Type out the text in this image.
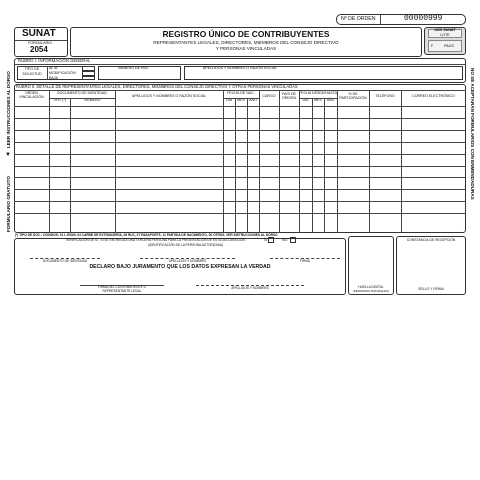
Nº DE ORDEN	00000999
SUNAT
FORMULARIO
2054
REGISTRO ÚNICO DE CONTRIBUYENTES
REPRESENTANTES LEGALES, DIRECTORES, MIEMBROS DEL CONSEJO DIRECTIVO
Y PERSONAS VINCULADAS
USO SUNAT
LOTE
F	PAGS
FORMULARIO GRATUITO
▼
LEER INSTRUCCIONES AL DORSO	NO SE ACEPTARÁN FORMULARIOS CON ENMENDADURAS
RUBRO I. INFORMACIÓN GENERAL
TIPO DE
SOLICITUD
ALTA
MODIFICACIÓN
BAJA
NÚMERO DE RUC	APELLIDOS Y NOMBRES O RAZÓN SOCIAL
RUBRO II. DETALLE DE REPRESENTANTES LEGALES, DIRECTORES, MIEMBROS DEL CONSEJO DIRECTIVO Y OTRAS PERSONAS VINCULADAS
ORDEN VINCULACIÓN
DOCUMENTO DE IDENTIDAD
TIPO (*)	NÚMERO
APELLIDOS Y NOMBRES O RAZÓN SOCIAL
FECHA DE NAC.
DÍA	MES	AÑO
CARGO	PAÍS DE ORIGEN
FECHA DESDE/HASTA
DÍA	MES	AÑO
% DE PARTICIPACIÓN
TELÉFONO	CORREO ELECTRÓNICO
(*) TIPO DE DOC.: CÓDIGOS: 01 L.E/DNI, 04 CARNÉ DE EXTRANJERÍA, 06 RUC, 07 PASAPORTE, 11 PARTIDA DE NACIMIENTO, 00 OTROS. VER INSTRUCCIONES AL DORSO
VERIFICACIÓN DE SI . SI SE ENTREGA A UNA TERCERA PERSONA PARA LA PRESENTACIÓN DE ESTA DECLARACIÓN:	SI	NO
(IDENTIFICACIÓN DE LA PERSONA AUTORIZADA)
DOCUMENTO DE IDENTIDAD	APELLIDOS Y NOMBRES	FIRMA
DECLARO BAJO JURAMENTO QUE LOS DATOS EXPRESAN LA VERDAD
FIRMA DEL CONTRIBUYENTE O
REPRESENTANTE LEGAL
APELLIDOS Y NOMBRES	HUELLA DIGITAL
(PERSONAS NATURALES)
CONSTANCIA DE RECEPCIÓN
SELLO Y FIRMA
